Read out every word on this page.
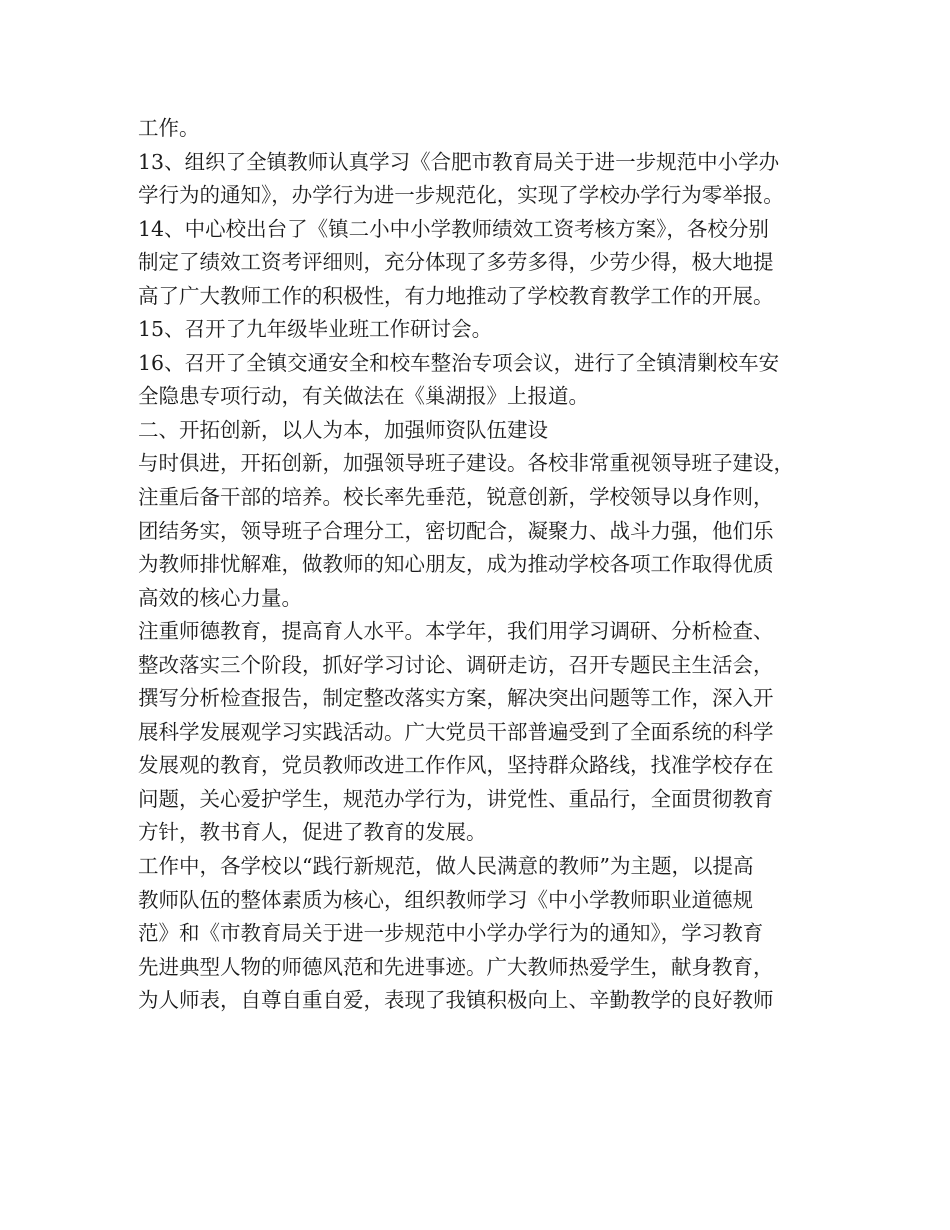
工作。
13、组织了全镇教师认真学习《合肥市教育局关于进一步规范中小学办
学行为的通知》，办学行为进一步规范化，实现了学校办学行为零举报。
14、中心校出台了《镇二小中小学教师绩效工资考核方案》，各校分别
制定了绩效工资考评细则，充分体现了多劳多得，少劳少得，极大地提
高了广大教师工作的积极性，有力地推动了学校教育教学工作的开展。
15、召开了九年级毕业班工作研讨会。
16、召开了全镇交通安全和校车整治专项会议，进行了全镇清剿校车安
全隐患专项行动，有关做法在《巢湖报》上报道。
二、开拓创新，以人为本，加强师资队伍建设
与时俱进，开拓创新，加强领导班子建设。各校非常重视领导班子建设，
注重后备干部的培养。校长率先垂范，锐意创新，学校领导以身作则，
团结务实，领导班子合理分工，密切配合，凝聚力、战斗力强，他们乐
为教师排忧解难，做教师的知心朋友，成为推动学校各项工作取得优质
高效的核心力量。
注重师德教育，提高育人水平。本学年，我们用学习调研、分析检查、
整改落实三个阶段，抓好学习讨论、调研走访，召开专题民主生活会，
撰写分析检查报告，制定整改落实方案，解决突出问题等工作，深入开
展科学发展观学习实践活动。广大党员干部普遍受到了全面系统的科学
发展观的教育，党员教师改进工作作风，坚持群众路线，找准学校存在
问题，关心爱护学生，规范办学行为，讲党性、重品行，全面贯彻教育
方针，教书育人，促进了教育的发展。
工作中，各学校以“践行新规范，做人民满意的教师”为主题，以提高
教师队伍的整体素质为核心，组织教师学习《中小学教师职业道德规
范》和《市教育局关于进一步规范中小学办学行为的通知》，学习教育
先进典型人物的师德风范和先进事迹。广大教师热爱学生，献身教育，
为人师表，自尊自重自爱，表现了我镇积极向上、辛勤教学的良好教师
